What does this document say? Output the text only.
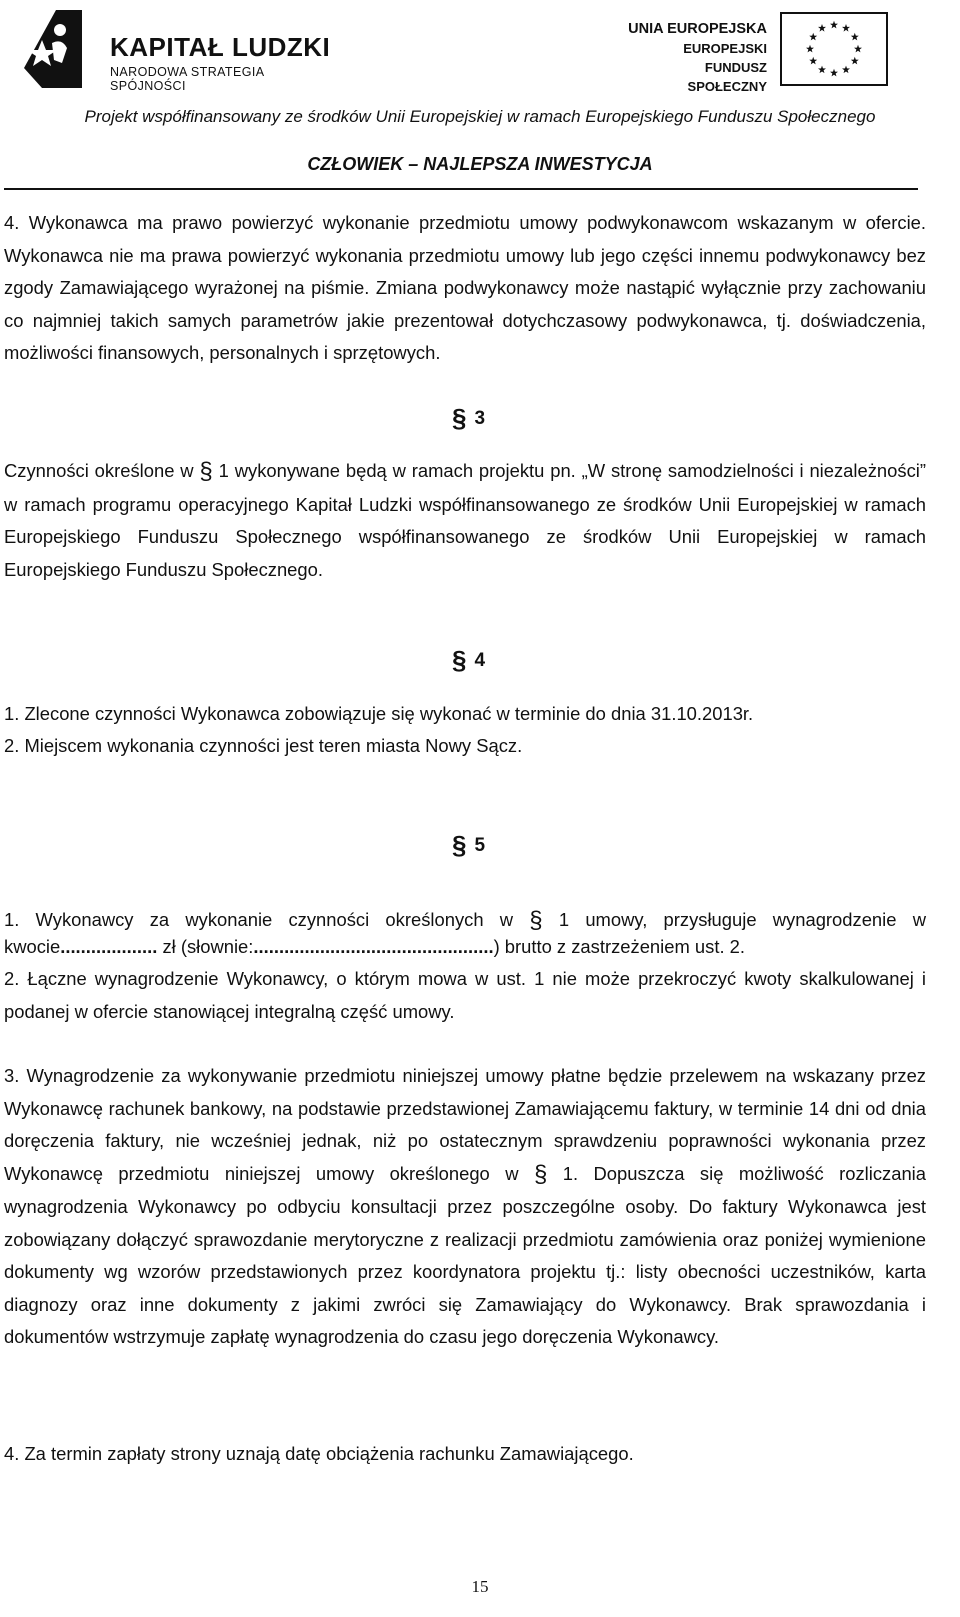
KAPITAŁ LUDZKI
NARODOWA STRATEGIA SPÓJNOŚCI
UNIA EUROPEJSKA
EUROPEJSKI
FUNDUSZ SPOŁECZNY
Projekt współfinansowany ze środków Unii Europejskiej w ramach Europejskiego Funduszu Społecznego
CZŁOWIEK – NAJLEPSZA INWESTYCJA

4. Wykonawca ma prawo powierzyć wykonanie przedmiotu umowy podwykonawcom wskazanym w ofercie. Wykonawca nie ma prawa powierzyć wykonania przedmiotu umowy lub jego części innemu podwykonawcy bez zgody Zamawiającego wyrażonej na piśmie. Zmiana podwykonawcy może nastąpić wyłącznie przy zachowaniu co najmniej takich samych parametrów jakie prezentował dotychczasowy podwykonawca, tj. doświadczenia, możliwości finansowych, personalnych i sprzętowych.

§ 3

Czynności określone w § 1 wykonywane będą w ramach projektu pn. „W stronę samodzielności i niezależności” w ramach programu operacyjnego Kapitał Ludzki współfinansowanego ze środków Unii Europejskiej w ramach Europejskiego Funduszu Społecznego współfinansowanego ze środków Unii Europejskiej w ramach Europejskiego Funduszu Społecznego.

§ 4
1. Zlecone czynności Wykonawca zobowiązuje się wykonać w terminie do dnia 31.10.2013r.
2. Miejscem wykonania czynności jest teren miasta Nowy Sącz.
§ 5

1. Wykonawcy za wykonanie czynności określonych w § 1 umowy, przysługuje wynagrodzenie w kwocie................... zł (słownie:...............................................) brutto z zastrzeżeniem ust. 2.

2. Łączne wynagrodzenie Wykonawcy, o którym mowa w ust. 1 nie może przekroczyć kwoty skalkulowanej i podanej w ofercie stanowiącej integralną część umowy.

3. Wynagrodzenie za wykonywanie przedmiotu niniejszej umowy płatne będzie przelewem na wskazany przez Wykonawcę rachunek bankowy, na podstawie przedstawionej Zamawiającemu faktury, w terminie 14 dni od dnia doręczenia faktury, nie wcześniej jednak, niż po ostatecznym sprawdzeniu poprawności wykonania przez Wykonawcę przedmiotu niniejszej umowy określonego w § 1. Dopuszcza się możliwość rozliczania wynagrodzenia Wykonawcy po odbyciu konsultacji przez poszczególne osoby. Do faktury Wykonawca jest zobowiązany dołączyć sprawozdanie merytoryczne z realizacji przedmiotu zamówienia oraz poniżej wymienione dokumenty wg wzorów przedstawionych przez koordynatora projektu tj.: listy obecności uczestników, karta diagnozy oraz inne dokumenty z jakimi zwróci się Zamawiający do Wykonawcy. Brak sprawozdania i dokumentów wstrzymuje zapłatę wynagrodzenia do czasu jego doręczenia Wykonawcy.

4. Za termin zapłaty strony uznają datę obciążenia rachunku Zamawiającego.
15
